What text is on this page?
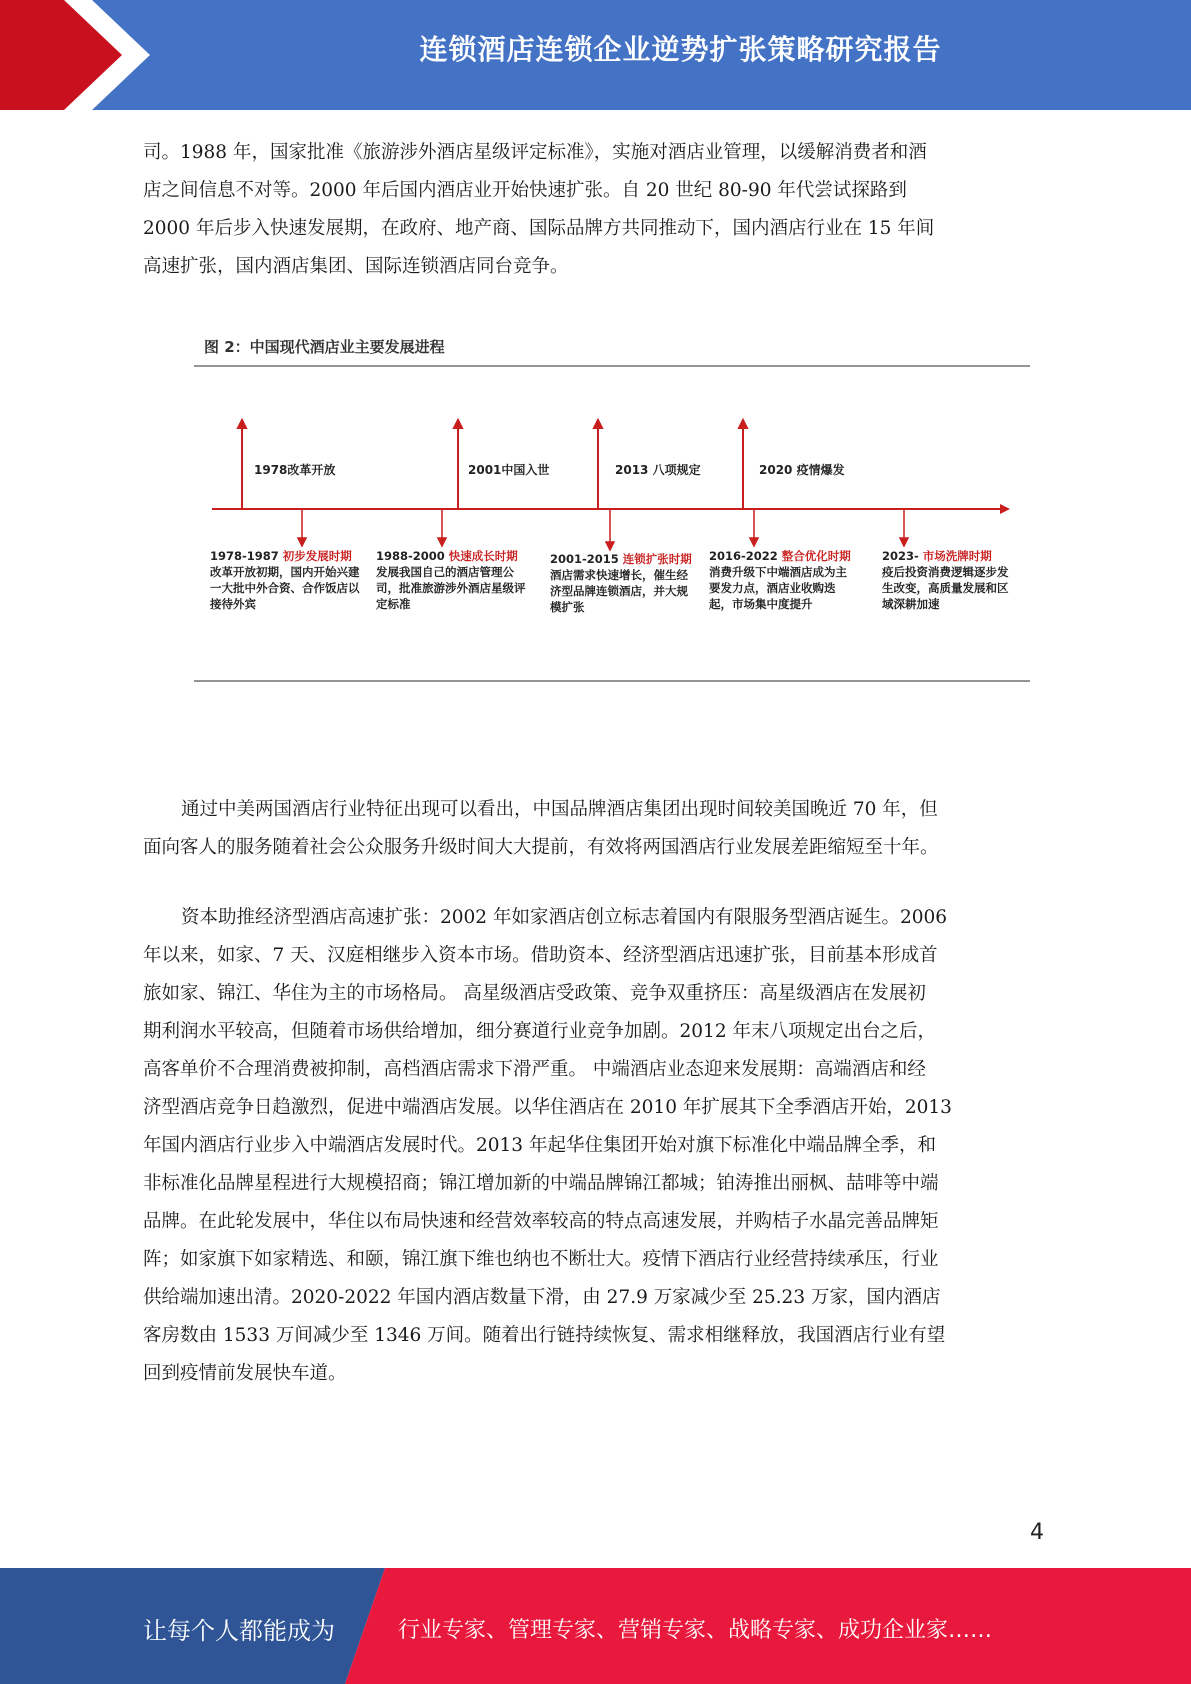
连锁酒店连锁企业逆势扩张策略研究报告
司。1988 年，国家批准《旅游涉外酒店星级评定标准》，实施对酒店业管理，以缓解消费者和酒
店之间信息不对等。2000 年后国内酒店业开始快速扩张。自 20 世纪 80-90 年代尝试探路到
2000 年后步入快速发展期，在政府、地产商、国际品牌方共同推动下，国内酒店行业在 15 年间
高速扩张，国内酒店集团、国际连锁酒店同台竞争。
图 2：中国现代酒店业主要发展进程
1978改革开放	2001中国入世	2013 八项规定	2020 疫情爆发
1978-1987 初步发展时期
改革开放初期，国内开始兴建一大批中外合资、合作饭店以接待外宾
1988-2000 快速成长时期
发展我国自己的酒店管理公司，批准旅游涉外酒店星级评定标准
2001-2015 连锁扩张时期
酒店需求快速增长，催生经济型品牌连锁酒店，并大规模扩张
2016-2022 整合优化时期
消费升级下中端酒店成为主要发力点，酒店业收购迭起，市场集中度提升
2023- 市场洗牌时期
疫后投资消费逻辑逐步发生改变，高质量发展和区域深耕加速
通过中美两国酒店行业特征出现可以看出，中国品牌酒店集团出现时间较美国晚近 70 年，但
面向客人的服务随着社会公众服务升级时间大大提前，有效将两国酒店行业发展差距缩短至十年。
资本助推经济型酒店高速扩张：2002 年如家酒店创立标志着国内有限服务型酒店诞生。2006
年以来，如家、7 天、汉庭相继步入资本市场。借助资本、经济型酒店迅速扩张，目前基本形成首
旅如家、锦江、华住为主的市场格局。 高星级酒店受政策、竞争双重挤压：高星级酒店在发展初
期利润水平较高，但随着市场供给增加，细分赛道行业竞争加剧。2012 年末八项规定出台之后，
高客单价不合理消费被抑制，高档酒店需求下滑严重。 中端酒店业态迎来发展期：高端酒店和经
济型酒店竞争日趋激烈，促进中端酒店发展。以华住酒店在 2010 年扩展其下全季酒店开始，2013
年国内酒店行业步入中端酒店发展时代。2013 年起华住集团开始对旗下标准化中端品牌全季，和
非标准化品牌星程进行大规模招商；锦江增加新的中端品牌锦江都城；铂涛推出丽枫、喆啡等中端
品牌。在此轮发展中，华住以布局快速和经营效率较高的特点高速发展，并购桔子水晶完善品牌矩
阵；如家旗下如家精选、和颐，锦江旗下维也纳也不断壮大。疫情下酒店行业经营持续承压，行业
供给端加速出清。2020-2022 年国内酒店数量下滑，由 27.9 万家减少至 25.23 万家，国内酒店
客房数由 1533 万间减少至 1346 万间。随着出行链持续恢复、需求相继释放，我国酒店行业有望
回到疫情前发展快车道。
4
让每个人都能成为	行业专家、管理专家、营销专家、战略专家、成功企业家……
